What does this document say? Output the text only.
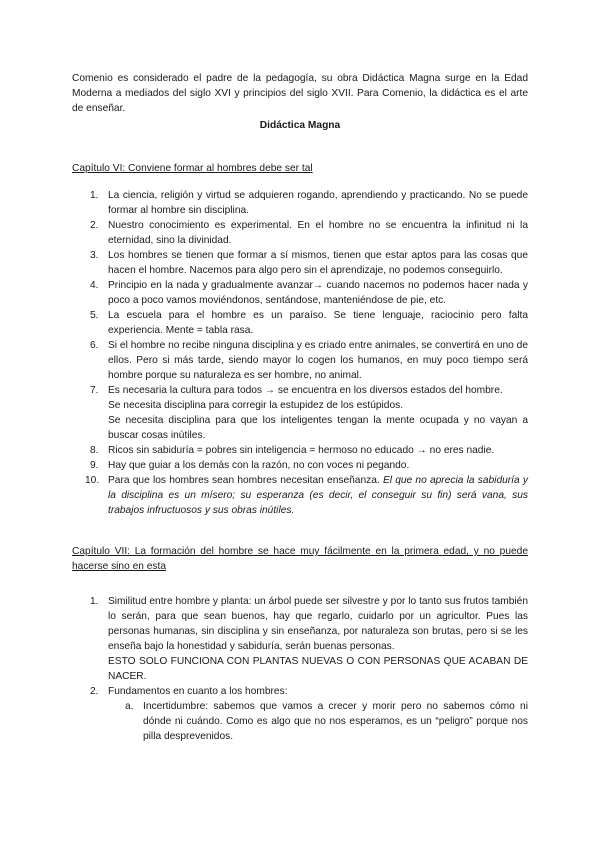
Comenio es considerado el padre de la pedagogía, su obra Didáctica Magna surge en la Edad Moderna a mediados del siglo XVI y principios del siglo XVII. Para Comenio, la didáctica es el arte de enseñar.

Didáctica Magna

Capítulo VI: Conviene formar al hombres debe ser tal

1. La ciencia, religión y virtud se adquieren rogando, aprendiendo y practicando. No se puede formar al hombre sin disciplina.
2. Nuestro conocimiento es experimental. En el hombre no se encuentra la infinitud ni la eternidad, sino la divinidad.
3. Los hombres se tienen que formar a sí mismos, tienen que estar aptos para las cosas que hacen el hombre. Nacemos para algo pero sin el aprendizaje, no podemos conseguirlo.
4. Principio en la nada y gradualmente avanzar→ cuando nacemos no podemos hacer nada y poco a poco vamos moviéndonos, sentándose, manteniéndose de pie, etc.
5. La escuela para el hombre es un paraíso. Se tiene lenguaje, raciocinio pero falta experiencia. Mente = tabla rasa.
6. Si el hombre no recibe ninguna disciplina y es criado entre animales, se convertirá en uno de ellos. Pero si más tarde, siendo mayor lo cogen los humanos, en muy poco tiempo será hombre porque su naturaleza es ser hombre, no animal.
7. Es necesaria la cultura para todos → se encuentra en los diversos estados del hombre.
Se necesita disciplina para corregir la estupidez de los estúpidos.
Se necesita disciplina para que los inteligentes tengan la mente ocupada y no vayan a buscar cosas inútiles.
8. Ricos sin sabiduría = pobres sin inteligencia = hermoso no educado → no eres nadie.
9. Hay que guiar a los demás con la razón, no con voces ni pegando.
10. Para que los hombres sean hombres necesitan enseñanza. El que no aprecia la sabiduría y la disciplina es un mísero; su esperanza (es decir, el conseguir su fin) será vana, sus trabajos infructuosos y sus obras inútiles.

Capítulo VII: La formación del hombre se hace muy fácilmente en la primera edad, y no puede hacerse sino en esta

1. Similitud entre hombre y planta: un árbol puede ser silvestre y por lo tanto sus frutos también lo serán, para que sean buenos, hay que regarlo, cuidarlo por un agricultor. Pues las personas humanas, sin disciplina y sin enseñanza, por naturaleza son brutas, pero si se les enseña bajo la honestidad y sabiduría, serán buenas personas.
ESTO SOLO FUNCIONA CON PLANTAS NUEVAS O CON PERSONAS QUE ACABAN DE NACER.
2. Fundamentos en cuanto a los hombres:
a. Incertidumbre: sabemos que vamos a crecer y morir pero no sabemos cómo ni dónde ni cuándo. Como es algo que no nos esperamos, es un “peligro” porque nos pilla desprevenidos.
